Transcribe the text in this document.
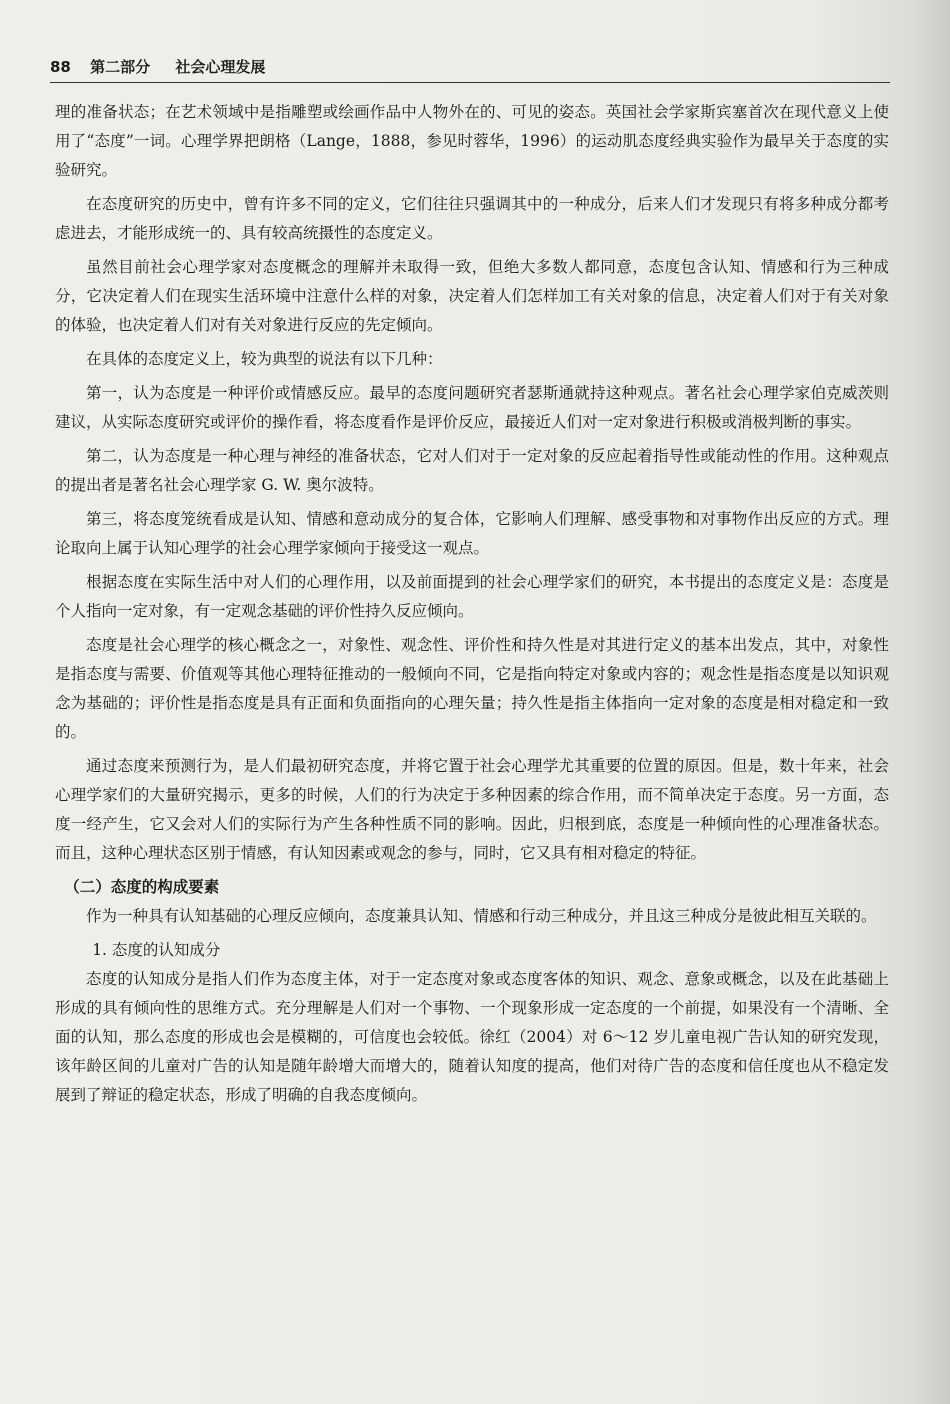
88 第二部分 社会心理发展

理的准备状态；在艺术领域中是指雕塑或绘画作品中人物外在的、可见的姿态。英国社会学家斯宾塞首次在现代意义上使用了“态度”一词。心理学界把朗格（Lange，1888，参见时蓉华，1996）的运动肌态度经典实验作为最早关于态度的实验研究。

在态度研究的历史中，曾有许多不同的定义，它们往往只强调其中的一种成分，后来人们才发现只有将多种成分都考虑进去，才能形成统一的、具有较高统摄性的态度定义。

虽然目前社会心理学家对态度概念的理解并未取得一致，但绝大多数人都同意，态度包含认知、情感和行为三种成分，它决定着人们在现实生活环境中注意什么样的对象，决定着人们怎样加工有关对象的信息，决定着人们对于有关对象的体验，也决定着人们对有关对象进行反应的先定倾向。

在具体的态度定义上，较为典型的说法有以下几种：

第一，认为态度是一种评价或情感反应。最早的态度问题研究者瑟斯通就持这种观点。著名社会心理学家伯克威茨则建议，从实际态度研究或评价的操作看，将态度看作是评价反应，最接近人们对一定对象进行积极或消极判断的事实。

第二，认为态度是一种心理与神经的准备状态，它对人们对于一定对象的反应起着指导性或能动性的作用。这种观点的提出者是著名社会心理学家 G. W. 奥尔波特。

第三，将态度笼统看成是认知、情感和意动成分的复合体，它影响人们理解、感受事物和对事物作出反应的方式。理论取向上属于认知心理学的社会心理学家倾向于接受这一观点。

根据态度在实际生活中对人们的心理作用，以及前面提到的社会心理学家们的研究，本书提出的态度定义是：态度是个人指向一定对象，有一定观念基础的评价性持久反应倾向。

态度是社会心理学的核心概念之一，对象性、观念性、评价性和持久性是对其进行定义的基本出发点，其中，对象性是指态度与需要、价值观等其他心理特征推动的一般倾向不同，它是指向特定对象或内容的；观念性是指态度是以知识观念为基础的；评价性是指态度是具有正面和负面指向的心理矢量；持久性是指主体指向一定对象的态度是相对稳定和一致的。

通过态度来预测行为，是人们最初研究态度，并将它置于社会心理学尤其重要的位置的原因。但是，数十年来，社会心理学家们的大量研究揭示，更多的时候，人们的行为决定于多种因素的综合作用，而不简单决定于态度。另一方面，态度一经产生，它又会对人们的实际行为产生各种性质不同的影响。因此，归根到底，态度是一种倾向性的心理准备状态。而且，这种心理状态区别于情感，有认知因素或观念的参与，同时，它又具有相对稳定的特征。

（二）态度的构成要素

作为一种具有认知基础的心理反应倾向，态度兼具认知、情感和行动三种成分，并且这三种成分是彼此相互关联的。

1. 态度的认知成分

态度的认知成分是指人们作为态度主体，对于一定态度对象或态度客体的知识、观念、意象或概念，以及在此基础上形成的具有倾向性的思维方式。充分理解是人们对一个事物、一个现象形成一定态度的一个前提，如果没有一个清晰、全面的认知，那么态度的形成也会是模糊的，可信度也会较低。徐红（2004）对 6～12 岁儿童电视广告认知的研究发现，该年龄区间的儿童对广告的认知是随年龄增大而增大的，随着认知度的提高，他们对待广告的态度和信任度也从不稳定发展到了辩证的稳定状态，形成了明确的自我态度倾向。
